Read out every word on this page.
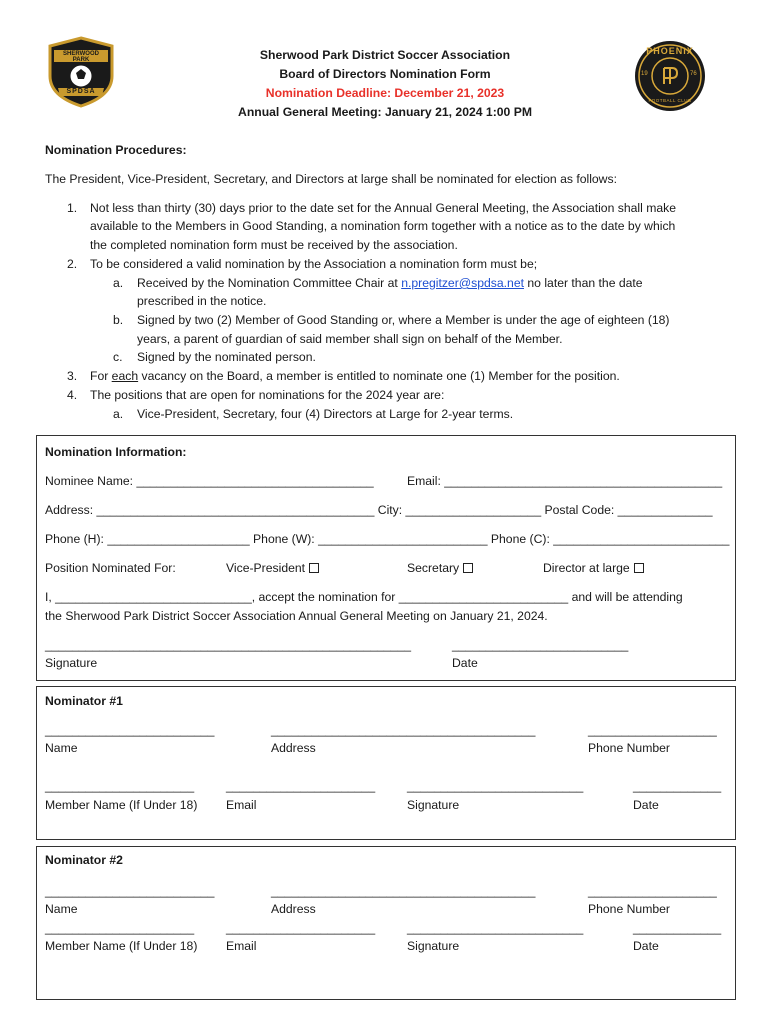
SHERWOOD PARK
SPDSA
PHOENIX
19	76
FOOTBALL CLUB
Sherwood Park District Soccer Association
Board of Directors Nomination Form
Nomination Deadline: December 21, 2023
Annual General Meeting: January 21, 2024 1:00 PM
Nomination Procedures:
The President, Vice-President, Secretary, and Directors at large shall be nominated for election as follows:
1. Not less than thirty (30) days prior to the date set for the Annual General Meeting, the Association shall make
available to the Members in Good Standing, a nomination form together with a notice as to the date by which
the completed nomination form must be received by the association.
2. To be considered a valid nomination by the Association a nomination form must be;
a. Received by the Nomination Committee Chair at n.pregitzer@spdsa.net no later than the date
prescribed in the notice.
b. Signed by two (2) Member of Good Standing or, where a Member is under the age of eighteen (18)
years, a parent of guardian of said member shall sign on behalf of the Member.
c. Signed by the nominated person.
3. For each vacancy on the Board, a member is entitled to nominate one (1) Member for the position.
4. The positions that are open for nominations for the 2024 year are:
a. Vice-President, Secretary, four (4) Directors at Large for 2-year terms.
Nomination Information:
Nominee Name: ___________________________________	Email: _________________________________________
Address: _________________________________________ City: ____________________ Postal Code: ______________
Phone (H): _____________________ Phone (W): _________________________ Phone (C): __________________________
Position Nominated For:	Vice-President	Secretary	Director at large
I, _____________________________, accept the nomination for _________________________ and will be attending
the Sherwood Park District Soccer Association Annual General Meeting on January 21, 2024.
______________________________________________________	__________________________
Signature	Date
Nominator #1
_________________________	_______________________________________	___________________
Name	Address	Phone Number
______________________	______________________	__________________________	_____________
Member Name (If Under 18) Email	Signature	Date
Nominator #2
_________________________	_______________________________________	___________________
Name	Address	Phone Number
______________________	______________________	__________________________	_____________
Member Name (If Under 18) Email	Signature	Date
